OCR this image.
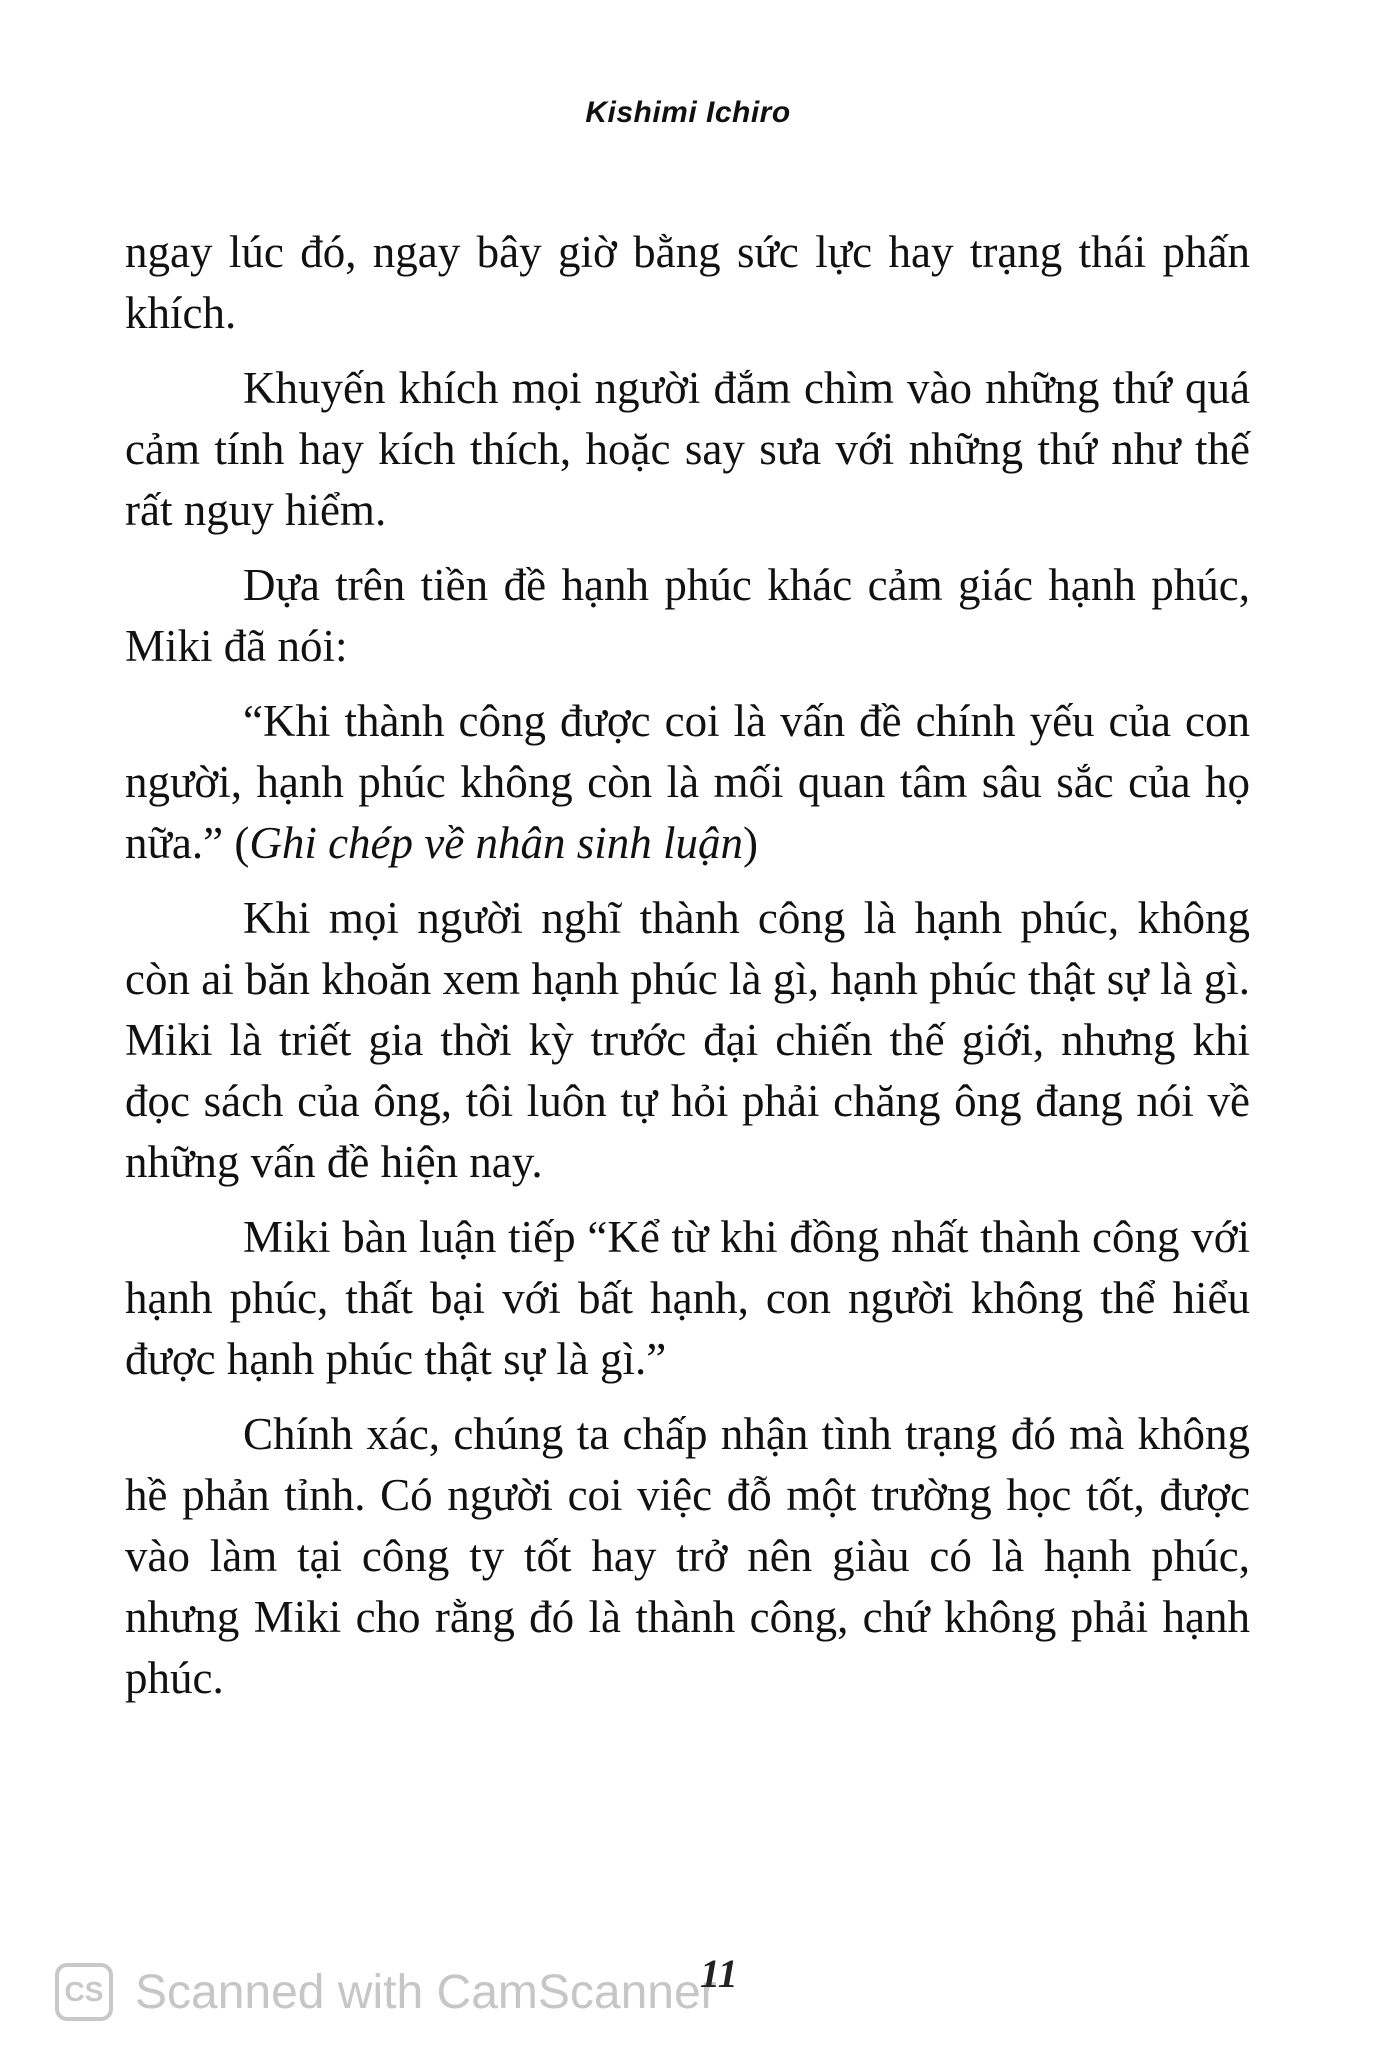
Kishimi Ichiro

ngay lúc đó, ngay bây giờ bằng sức lực hay trạng thái phấn khích.

Khuyến khích mọi người đắm chìm vào những thứ quá cảm tính hay kích thích, hoặc say sưa với những thứ như thế rất nguy hiểm.

Dựa trên tiền đề hạnh phúc khác cảm giác hạnh phúc, Miki đã nói:

“Khi thành công được coi là vấn đề chính yếu của con người, hạnh phúc không còn là mối quan tâm sâu sắc của họ nữa.” (Ghi chép về nhân sinh luận)

Khi mọi người nghĩ thành công là hạnh phúc, không còn ai băn khoăn xem hạnh phúc là gì, hạnh phúc thật sự là gì. Miki là triết gia thời kỳ trước đại chiến thế giới, nhưng khi đọc sách của ông, tôi luôn tự hỏi phải chăng ông đang nói về những vấn đề hiện nay.

Miki bàn luận tiếp “Kể từ khi đồng nhất thành công với hạnh phúc, thất bại với bất hạnh, con người không thể hiểu được hạnh phúc thật sự là gì.”

Chính xác, chúng ta chấp nhận tình trạng đó mà không hề phản tỉnh. Có người coi việc đỗ một trường học tốt, được vào làm tại công ty tốt hay trở nên giàu có là hạnh phúc, nhưng Miki cho rằng đó là thành công, chứ không phải hạnh phúc.

CS Scanned with CamScanner
11
